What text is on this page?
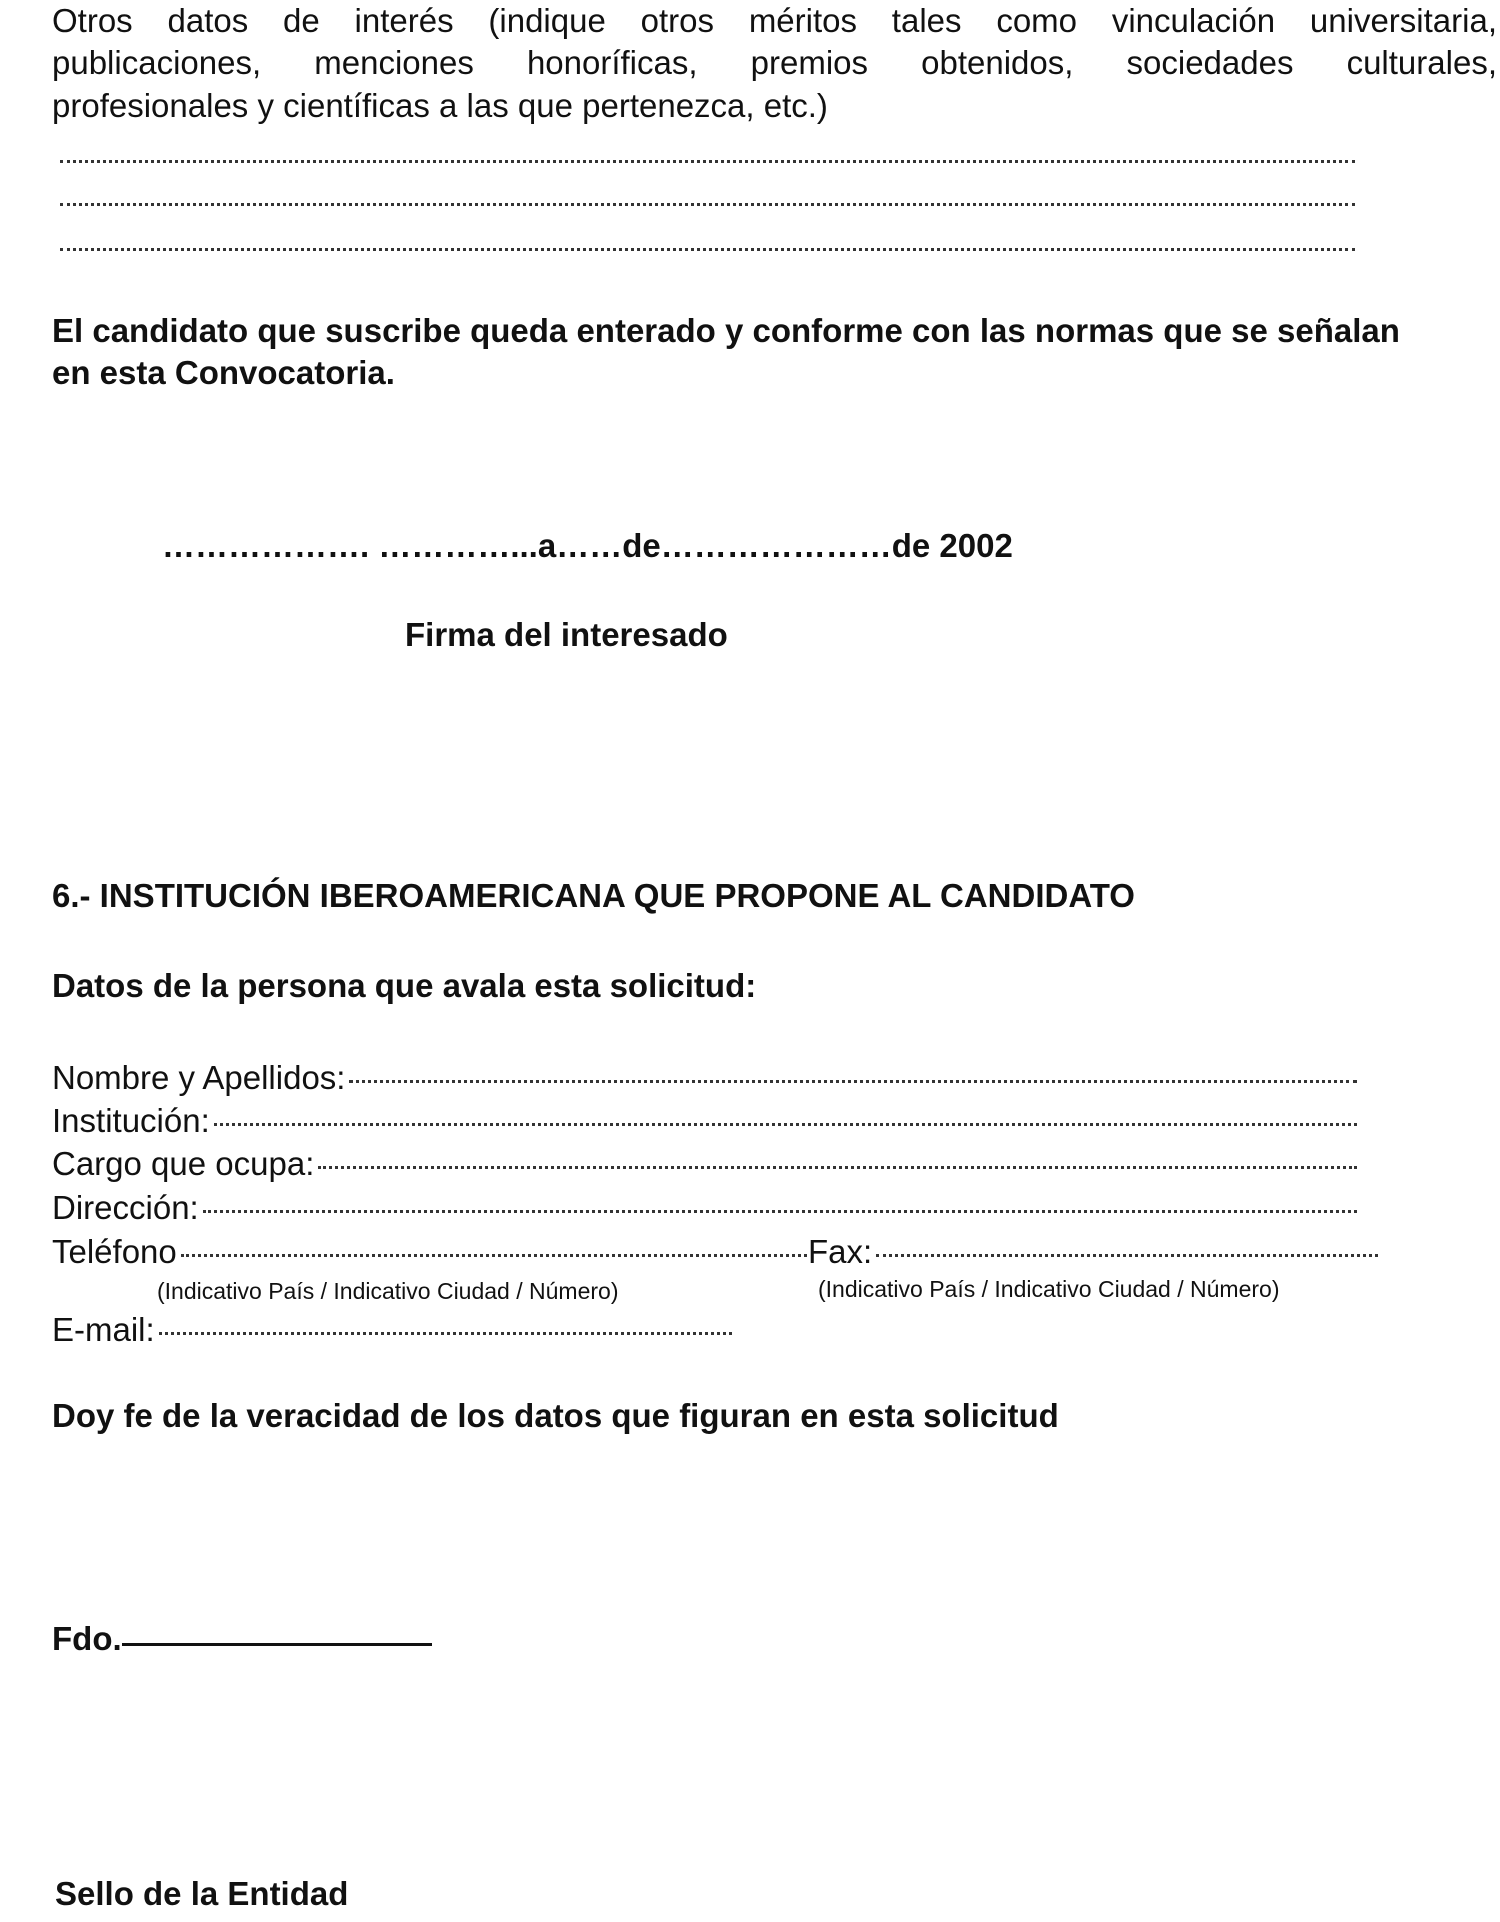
Otros datos de interés (indique otros méritos tales como vinculación universitaria,
publicaciones, menciones honoríficas, premios obtenidos, sociedades culturales,
profesionales y científicas a las que pertenezca, etc.)
El candidato que suscribe queda enterado y conforme con las normas que se señalan
en esta Convocatoria.
………………. …………...a……de…………………de 2002
Firma del interesado
6.- INSTITUCIÓN IBEROAMERICANA QUE PROPONE AL CANDIDATO
Datos de la persona que avala esta solicitud:
Nombre y Apellidos:
Institución:
Cargo que ocupa:
Dirección:
Teléfono	Fax:
(Indicativo País / Indicativo Ciudad / Número)	(Indicativo País / Indicativo Ciudad / Número)
E-mail:
Doy fe de la veracidad de los datos que figuran en esta solicitud
Fdo.
Sello de la Entidad
